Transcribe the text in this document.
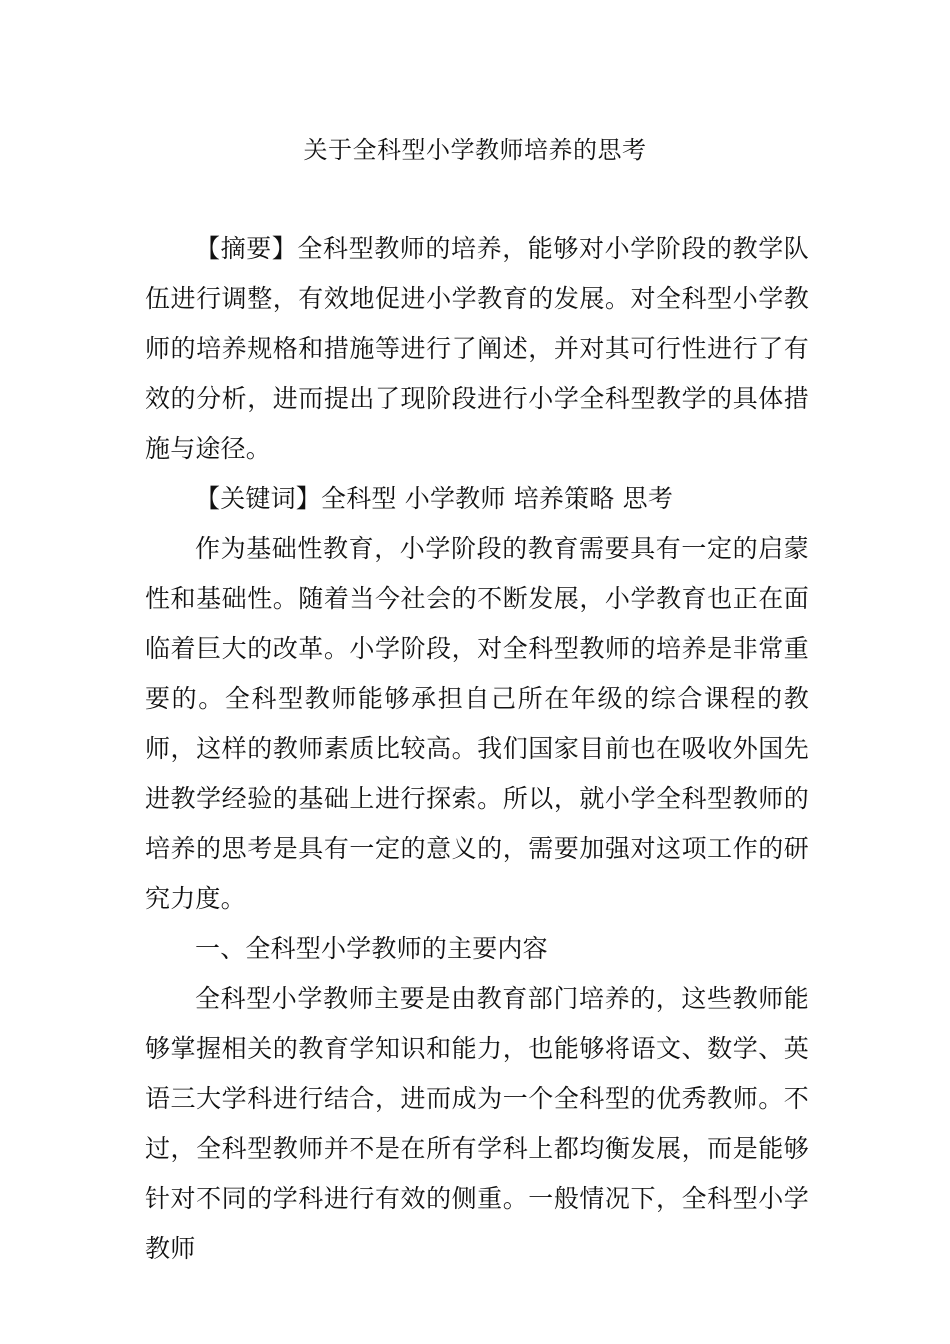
关于全科型小学教师培养的思考

【摘要】全科型教师的培养，能够对小学阶段的教学队伍进行调整，有效地促进小学教育的发展。对全科型小学教师的培养规格和措施等进行了阐述，并对其可行性进行了有效的分析，进而提出了现阶段进行小学全科型教学的具体措施与途径。

【关键词】全科型 小学教师 培养策略 思考

作为基础性教育，小学阶段的教育需要具有一定的启蒙性和基础性。随着当今社会的不断发展，小学教育也正在面临着巨大的改革。小学阶段，对全科型教师的培养是非常重要的。全科型教师能够承担自己所在年级的综合课程的教师，这样的教师素质比较高。我们国家目前也在吸收外国先进教学经验的基础上进行探索。所以，就小学全科型教师的培养的思考是具有一定的意义的，需要加强对这项工作的研究力度。

一、全科型小学教师的主要内容

全科型小学教师主要是由教育部门培养的，这些教师能够掌握相关的教育学知识和能力，也能够将语文、数学、英语三大学科进行结合，进而成为一个全科型的优秀教师。不过，全科型教师并不是在所有学科上都均衡发展，而是能够针对不同的学科进行有效的侧重。一般情况下，全科型小学教师
